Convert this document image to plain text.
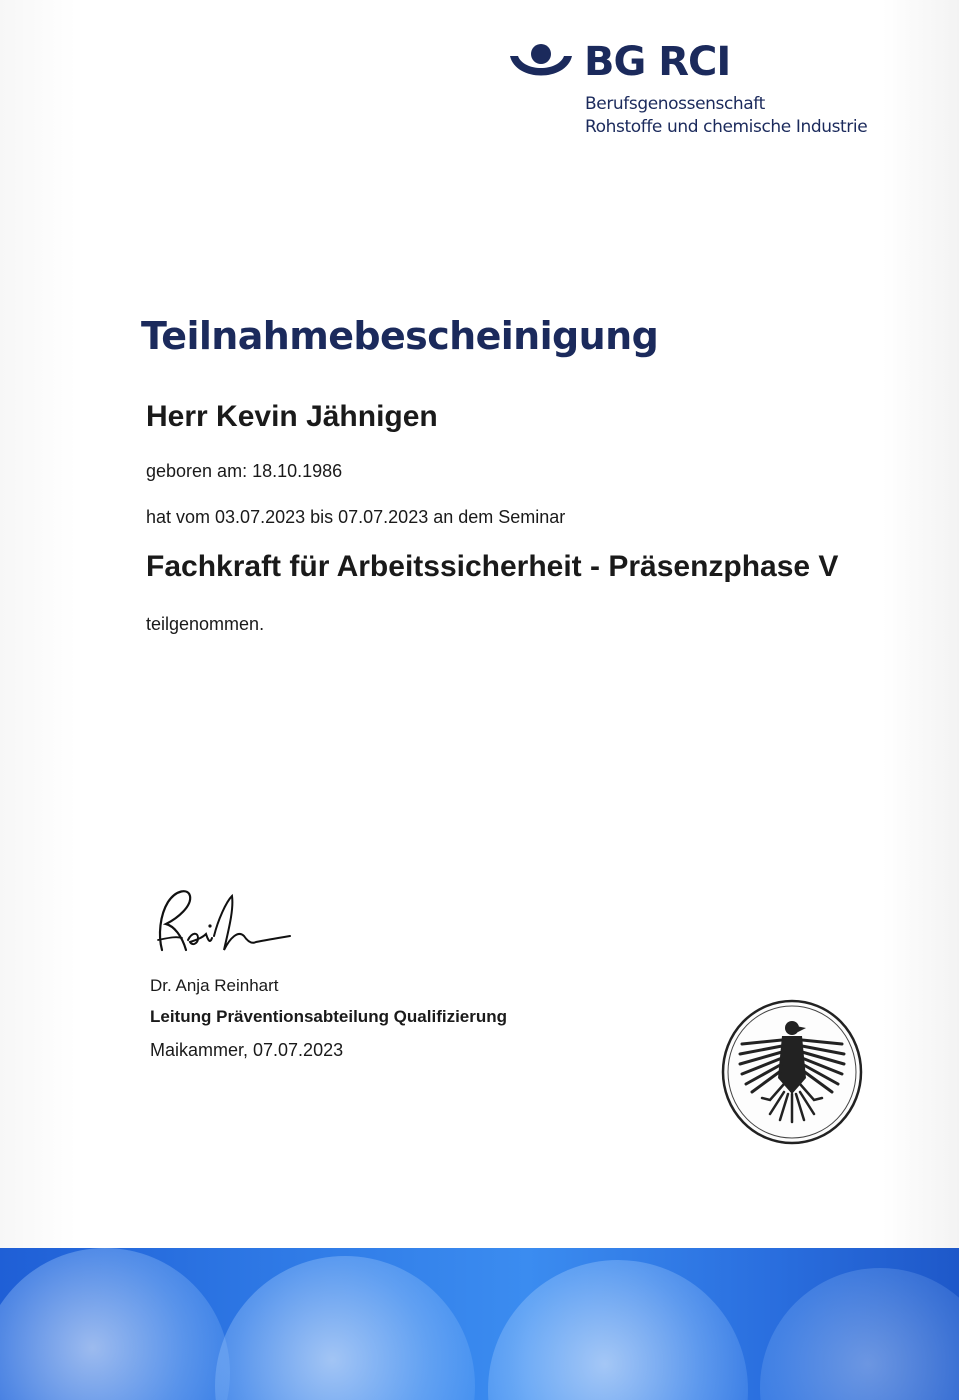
BG RCI
Berufsgenossenschaft
Rohstoffe und chemische Industrie
Teilnahmebescheinigung
Herr Kevin Jähnigen
geboren am: 18.10.1986
hat vom 03.07.2023 bis 07.07.2023 an dem Seminar
Fachkraft für Arbeitssicherheit - Präsenzphase V
teilgenommen.
Dr. Anja Reinhart
Leitung Präventionsabteilung Qualifizierung
Maikammer, 07.07.2023
